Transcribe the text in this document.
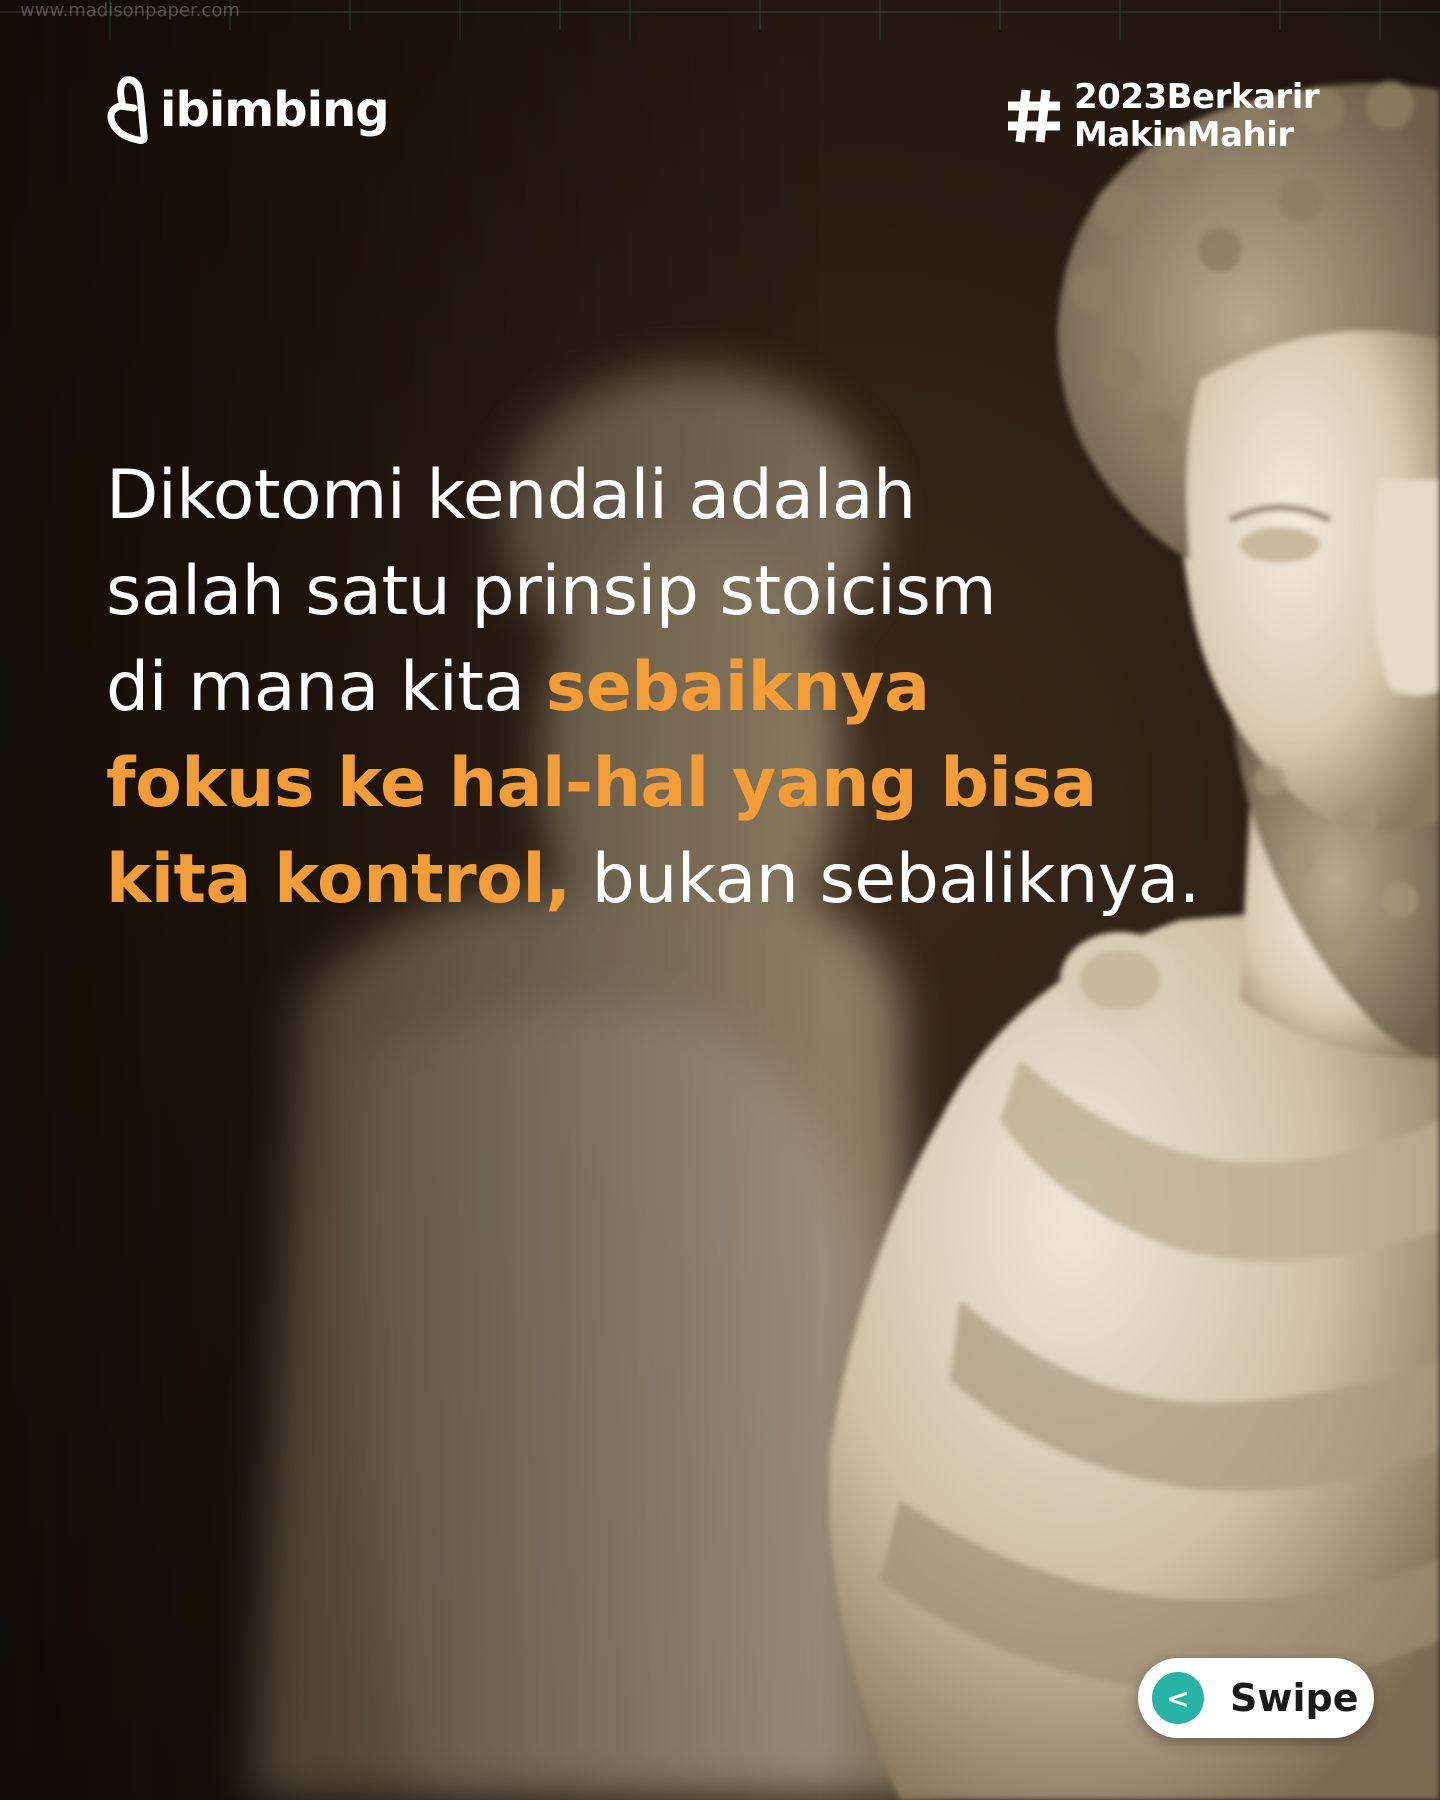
www.madisonpaper.com
ibimbing	2023Berkarir
MakinMahir
Dikotomi kendali adalah
salah satu prinsip stoicism
di mana kita sebaiknya
fokus ke hal-hal yang bisa
kita kontrol, bukan sebaliknya.
<	Swipe
